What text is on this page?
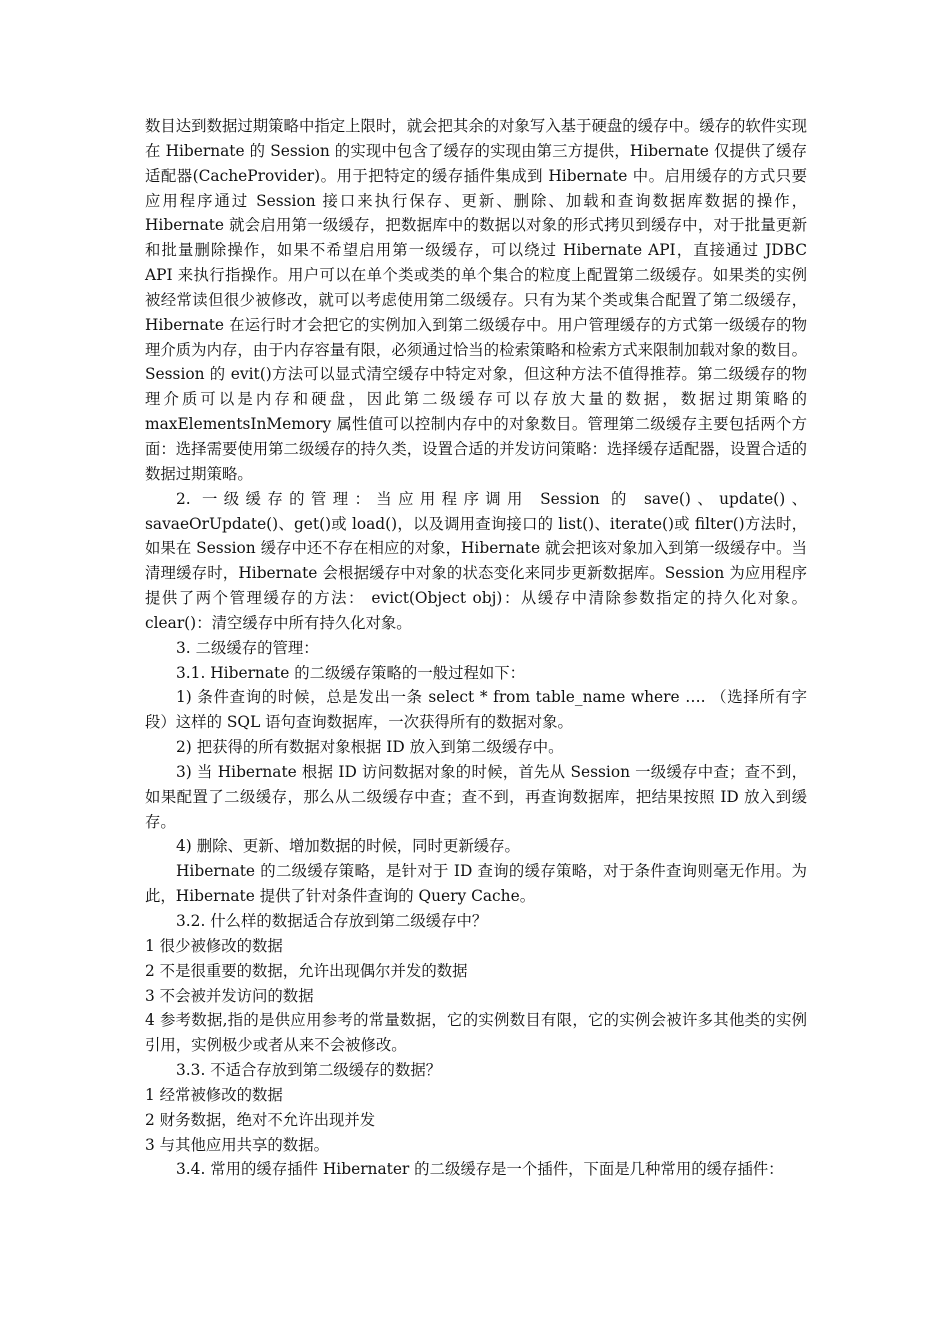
数目达到数据过期策略中指定上限时，就会把其余的对象写入基于硬盘的缓存中。缓存的软件实现在 Hibernate 的 Session 的实现中包含了缓存的实现由第三方提供，Hibernate 仅提供了缓存适配器(CacheProvider)。用于把特定的缓存插件集成到 Hibernate 中。启用缓存的方式只要应用程序通过 Session 接口来执行保存、更新、删除、加载和查询数据库数据的操作，Hibernate 就会启用第一级缓存，把数据库中的数据以对象的形式拷贝到缓存中，对于批量更新和批量删除操作，如果不希望启用第一级缓存，可以绕过 Hibernate API，直接通过 JDBC　API 来执行指操作。用户可以在单个类或类的单个集合的粒度上配置第二级缓存。如果类的实例被经常读但很少被修改，就可以考虑使用第二级缓存。只有为某个类或集合配置了第二级缓存，Hibernate 在运行时才会把它的实例加入到第二级缓存中。用户管理缓存的方式第一级缓存的物理介质为内存，由于内存容量有限，必须通过恰当的检索策略和检索方式来限制加载对象的数目。Session 的 evit()方法可以显式清空缓存中特定对象，但这种方法不值得推荐。第二级缓存的物理介质可以是内存和硬盘，因此第二级缓存可以存放大量的数据，数据过期策略的 maxElementsInMemory 属性值可以控制内存中的对象数目。管理第二级缓存主要包括两个方面：选择需要使用第二级缓存的持久类，设置合适的并发访问策略：选择缓存适配器，设置合适的数据过期策略。

2. 一级缓存的管理：当应用程序调用 Session 的 save()、update()、savaeOrUpdate()、get()或 load()，以及调用查询接口的 list()、iterate()或 filter()方法时，如果在 Session 缓存中还不存在相应的对象，Hibernate 就会把该对象加入到第一级缓存中。当清理缓存时，Hibernate 会根据缓存中对象的状态变化来同步更新数据库。Session 为应用程序提供了两个管理缓存的方法： evict(Object obj)：从缓存中清除参数指定的持久化对象。 clear()：清空缓存中所有持久化对象。

3. 二级缓存的管理：

3.1. Hibernate 的二级缓存策略的一般过程如下：

1) 条件查询的时候，总是发出一条 select * from table_name where …. （选择所有字段）这样的 SQL 语句查询数据库，一次获得所有的数据对象。

2) 把获得的所有数据对象根据 ID 放入到第二级缓存中。

3) 当 Hibernate 根据 ID 访问数据对象的时候，首先从 Session 一级缓存中查；查不到，如果配置了二级缓存，那么从二级缓存中查；查不到，再查询数据库，把结果按照 ID 放入到缓存。

4) 删除、更新、增加数据的时候，同时更新缓存。

Hibernate 的二级缓存策略，是针对于 ID 查询的缓存策略，对于条件查询则毫无作用。为此，Hibernate 提供了针对条件查询的 Query Cache。

3.2. 什么样的数据适合存放到第二级缓存中？

1 很少被修改的数据

2 不是很重要的数据，允许出现偶尔并发的数据

3 不会被并发访问的数据

4 参考数据,指的是供应用参考的常量数据，它的实例数目有限，它的实例会被许多其他类的实例引用，实例极少或者从来不会被修改。

3.3. 不适合存放到第二级缓存的数据？

1 经常被修改的数据

2 财务数据，绝对不允许出现并发

3 与其他应用共享的数据。

3.4. 常用的缓存插件 Hibernater 的二级缓存是一个插件，下面是几种常用的缓存插件：
